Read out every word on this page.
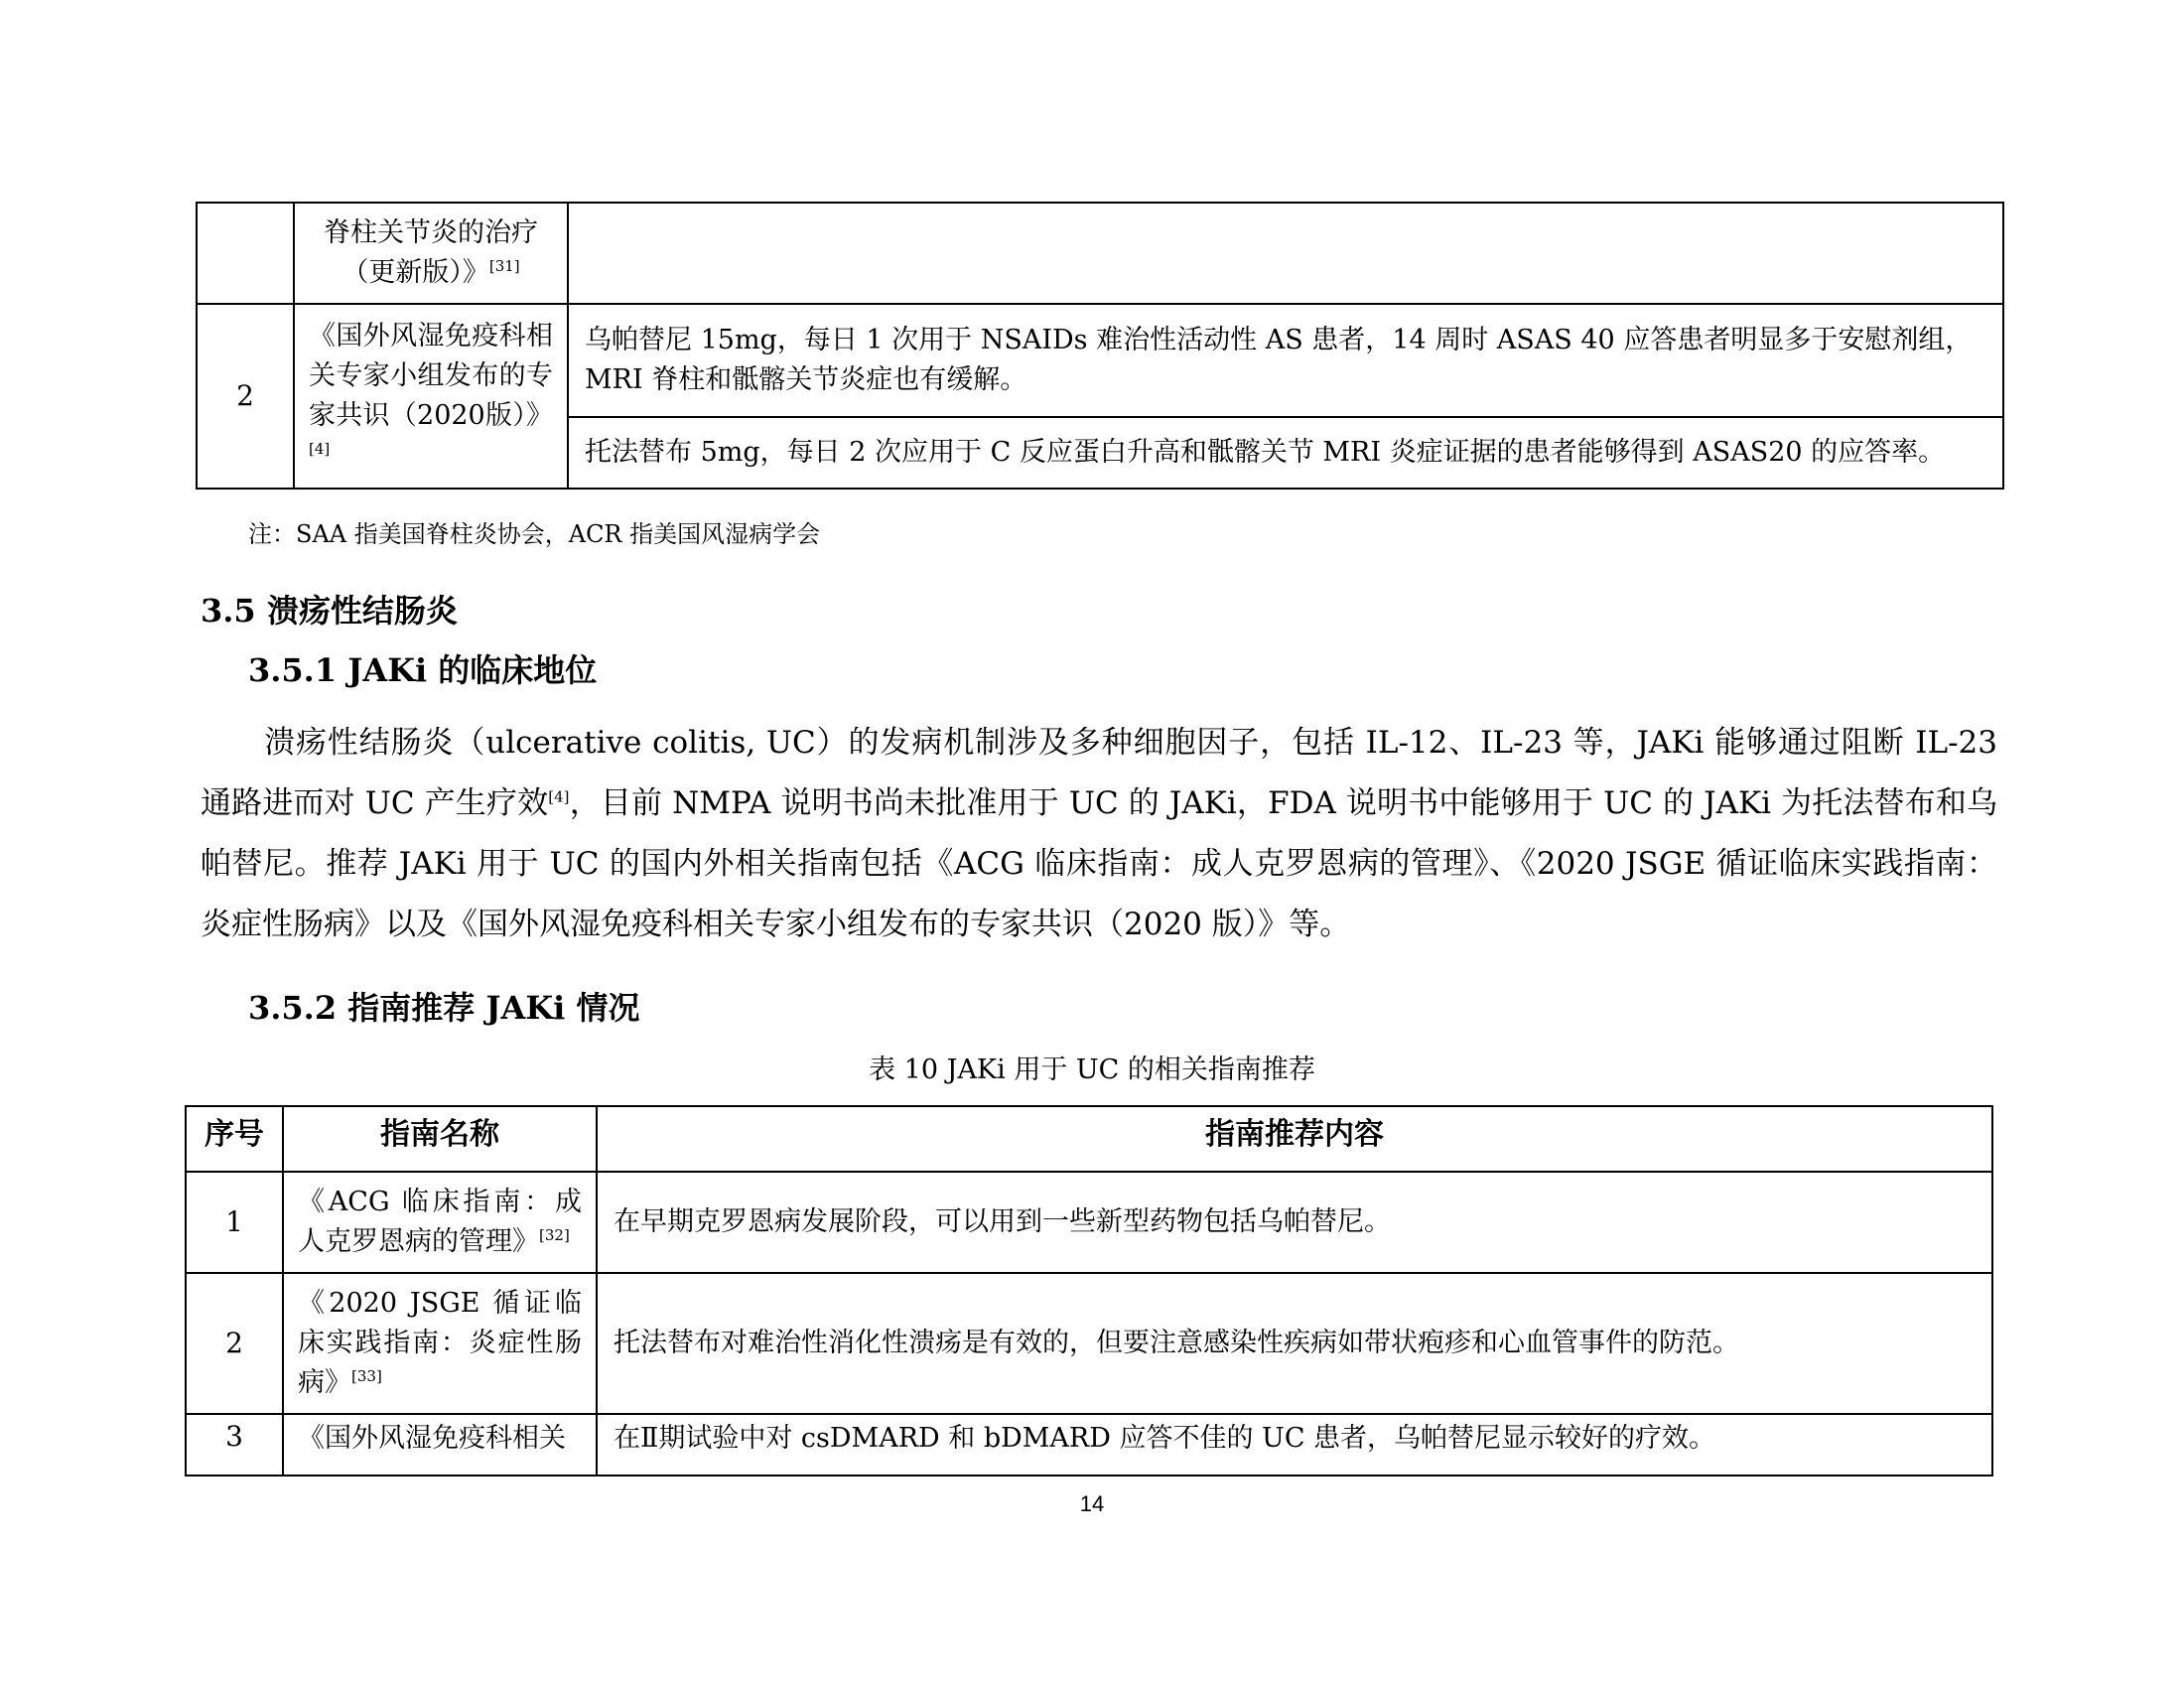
	脊柱关节炎的治疗（更新版）》[31]	
2	《国外风湿免疫科相关专家小组发布的专家共识（2020版）》[4]	乌帕替尼 15mg，每日 1 次用于 NSAIDs 难治性活动性 AS 患者，14 周时 ASAS 40 应答患者明显多于安慰剂组，MRI 脊柱和骶髂关节炎症也有缓解。
		托法替布 5mg，每日 2 次应用于 C 反应蛋白升高和骶髂关节 MRI 炎症证据的患者能够得到 ASAS20 的应答率。
注：SAA 指美国脊柱炎协会，ACR 指美国风湿病学会
3.5 溃疡性结肠炎
3.5.1 JAKi 的临床地位
溃疡性结肠炎（ulcerative colitis, UC）的发病机制涉及多种细胞因子，包括 IL-12、IL-23 等，JAKi 能够通过阻断 IL-23 通路进而对 UC 产生疗效[4]，目前 NMPA 说明书尚未批准用于 UC 的 JAKi，FDA 说明书中能够用于 UC 的 JAKi 为托法替布和乌帕替尼。推荐 JAKi 用于 UC 的国内外相关指南包括《ACG 临床指南：成人克罗恩病的管理》、《2020 JSGE 循证临床实践指南：炎症性肠病》以及《国外风湿免疫科相关专家小组发布的专家共识（2020 版）》等。
3.5.2 指南推荐 JAKi 情况
表 10 JAKi 用于 UC 的相关指南推荐
序号	指南名称	指南推荐内容
1	《ACG 临床指南：成人克罗恩病的管理》[32]	在早期克罗恩病发展阶段，可以用到一些新型药物包括乌帕替尼。
2	《2020 JSGE 循证临床实践指南：炎症性肠病》[33]	托法替布对难治性消化性溃疡是有效的，但要注意感染性疾病如带状疱疹和心血管事件的防范。
3	《国外风湿免疫科相关	在Ⅱ期试验中对 csDMARD 和 bDMARD 应答不佳的 UC 患者，乌帕替尼显示较好的疗效。
14
